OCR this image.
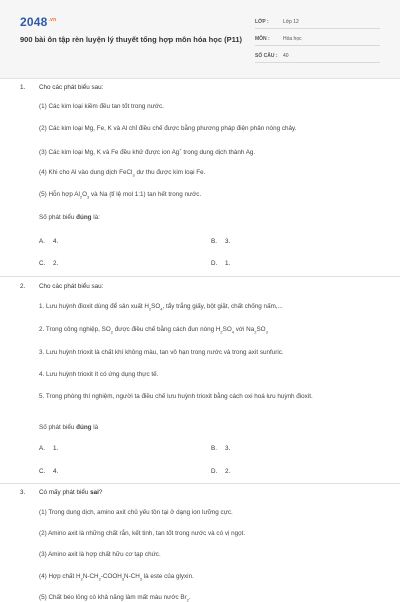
$2048^{.vn}$
900 bài ôn tập rèn luyện lý thuyết tổng hợp môn hóa học (P11)
LỚP :	Lớp 12
MÔN :	Hóa học
SỐ CÂU :	40
1. Cho các phát biểu sau:
(1) Các kim loại kiềm đều tan tốt trong nước.
(2) Các kim loại Mg, Fe, K và Al chỉ điều chế được bằng phương pháp điện phân nóng chảy.
(3) Các kim loại Mg, K và Fe đều khử được ion Ag+ trong dung dịch thành Ag.
(4) Khi cho Al vào dung dịch FeCl$_3$ dư thu được kim loại Fe.
(5) Hỗn hợp $Al_2O_3$ và Na (tỉ lệ mol 1:1) tan hết trong nước.
Số phát biểu đúng là:
A. 4.	B. 3.
C. 2.	D. 1.
2. Cho các phát biểu sau:
1. Lưu huỳnh đioxit dùng để sản xuất $H_2SO_4$, tẩy trắng giấy, bột giặt, chất chống nấm,...
2. Trong công nghiệp, $SO_2$ được điều chế bằng cách đun nóng $H_2SO_4$ với $Na_2SO_3$
3. Lưu huỳnh trioxit là chất khí không màu, tan vô hạn trong nước và trong axit sunfuric.
4. Lưu huỳnh trioxit ít có ứng dụng thực tế.
5. Trong phòng thí nghiệm, người ta điều chế lưu huỳnh trioxit bằng cách oxi hoá lưu huỳnh đioxit.
Số phát biểu đúng là
A. 1.	B. 3.
C. 4.	D. 2.
3. Có mấy phát biểu sai?
(1) Trong dung dịch, amino axit chủ yếu tồn tại ở dạng ion lưỡng cực.
(2) Amino axit là những chất rắn, kết tinh, tan tốt trong nước và có vị ngọt.
(3) Amino axit là hợp chất hữu cơ tạp chức.
(4) Hợp chất $H_2N-CH_2-COOH_3N-CH_3$ là este của glyxin.
(5) Chất béo lỏng có khả năng làm mất màu nước $Br_2$.
